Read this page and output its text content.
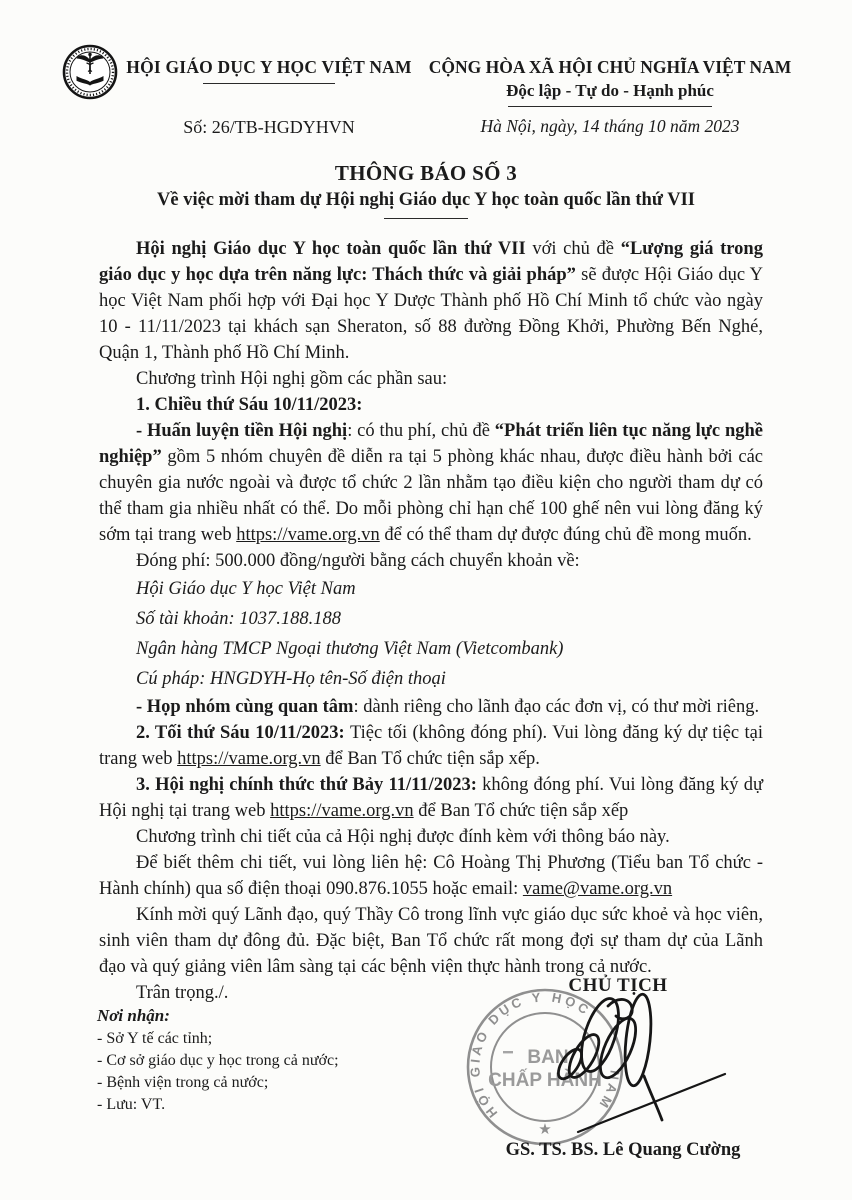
HỘI GIÁO DỤC Y HỌC VIỆT NAM CỘNG HÒA XÃ HỘI CHỦ NGHĨA VIỆT NAM
Độc lập - Tự do - Hạnh phúc
Số: 26/TB-HGDYHVN	Hà Nội, ngày, 14 tháng 10 năm 2023
THÔNG BÁO SỐ 3
Về việc mời tham dự Hội nghị Giáo dục Y học toàn quốc lần thứ VII

Hội nghị Giáo dục Y học toàn quốc lần thứ VII với chủ đề “Lượng giá trong giáo dục y học dựa trên năng lực: Thách thức và giải pháp” sẽ được Hội Giáo dục Y học Việt Nam phối hợp với Đại học Y Dược Thành phố Hồ Chí Minh tổ chức vào ngày 10 - 11/11/2023 tại khách sạn Sheraton, số 88 đường Đồng Khởi, Phường Bến Nghé, Quận 1, Thành phố Hồ Chí Minh.

Chương trình Hội nghị gồm các phần sau:

1. Chiều thứ Sáu 10/11/2023:

- Huấn luyện tiền Hội nghị: có thu phí, chủ đề “Phát triển liên tục năng lực nghề nghiệp” gồm 5 nhóm chuyên đề diễn ra tại 5 phòng khác nhau, được điều hành bởi các chuyên gia nước ngoài và được tổ chức 2 lần nhằm tạo điều kiện cho người tham dự có thể tham gia nhiều nhất có thể. Do mỗi phòng chỉ hạn chế 100 ghế nên vui lòng đăng ký sớm tại trang web https://vame.org.vn để có thể tham dự được đúng chủ đề mong muốn.

Đóng phí: 500.000 đồng/người bằng cách chuyển khoản về:

Hội Giáo dục Y học Việt Nam

Số tài khoản: 1037.188.188

Ngân hàng TMCP Ngoại thương Việt Nam (Vietcombank)

Cú pháp: HNGDYH-Họ tên-Số điện thoại

- Họp nhóm cùng quan tâm: dành riêng cho lãnh đạo các đơn vị, có thư mời riêng.

2. Tối thứ Sáu 10/11/2023: Tiệc tối (không đóng phí). Vui lòng đăng ký dự tiệc tại trang web https://vame.org.vn để Ban Tổ chức tiện sắp xếp.

3. Hội nghị chính thức thứ Bảy 11/11/2023: không đóng phí. Vui lòng đăng ký dự Hội nghị tại trang web https://vame.org.vn để Ban Tổ chức tiện sắp xếp

Chương trình chi tiết của cả Hội nghị được đính kèm với thông báo này.

Để biết thêm chi tiết, vui lòng liên hệ: Cô Hoàng Thị Phương (Tiểu ban Tổ chức - Hành chính) qua số điện thoại 090.876.1055 hoặc email: vame@vame.org.vn

Kính mời quý Lãnh đạo, quý Thầy Cô trong lĩnh vực giáo dục sức khoẻ và học viên, sinh viên tham dự đông đủ. Đặc biệt, Ban Tổ chức rất mong đợi sự tham dự của Lãnh đạo và quý giảng viên lâm sàng tại các bệnh viện thực hành trong cả nước.

Trân trọng./.

Nơi nhận:
- Sở Y tế các tỉnh;
- Cơ sở giáo dục y học trong cả nước;
- Bệnh viện trong cả nước;
- Lưu: VT.
CHỦ TỊCH
HỘI GIÁO DỤC Y HỌC NAM
BAN
CHẤP HÀNH
★
GS. TS. BS. Lê Quang Cường
